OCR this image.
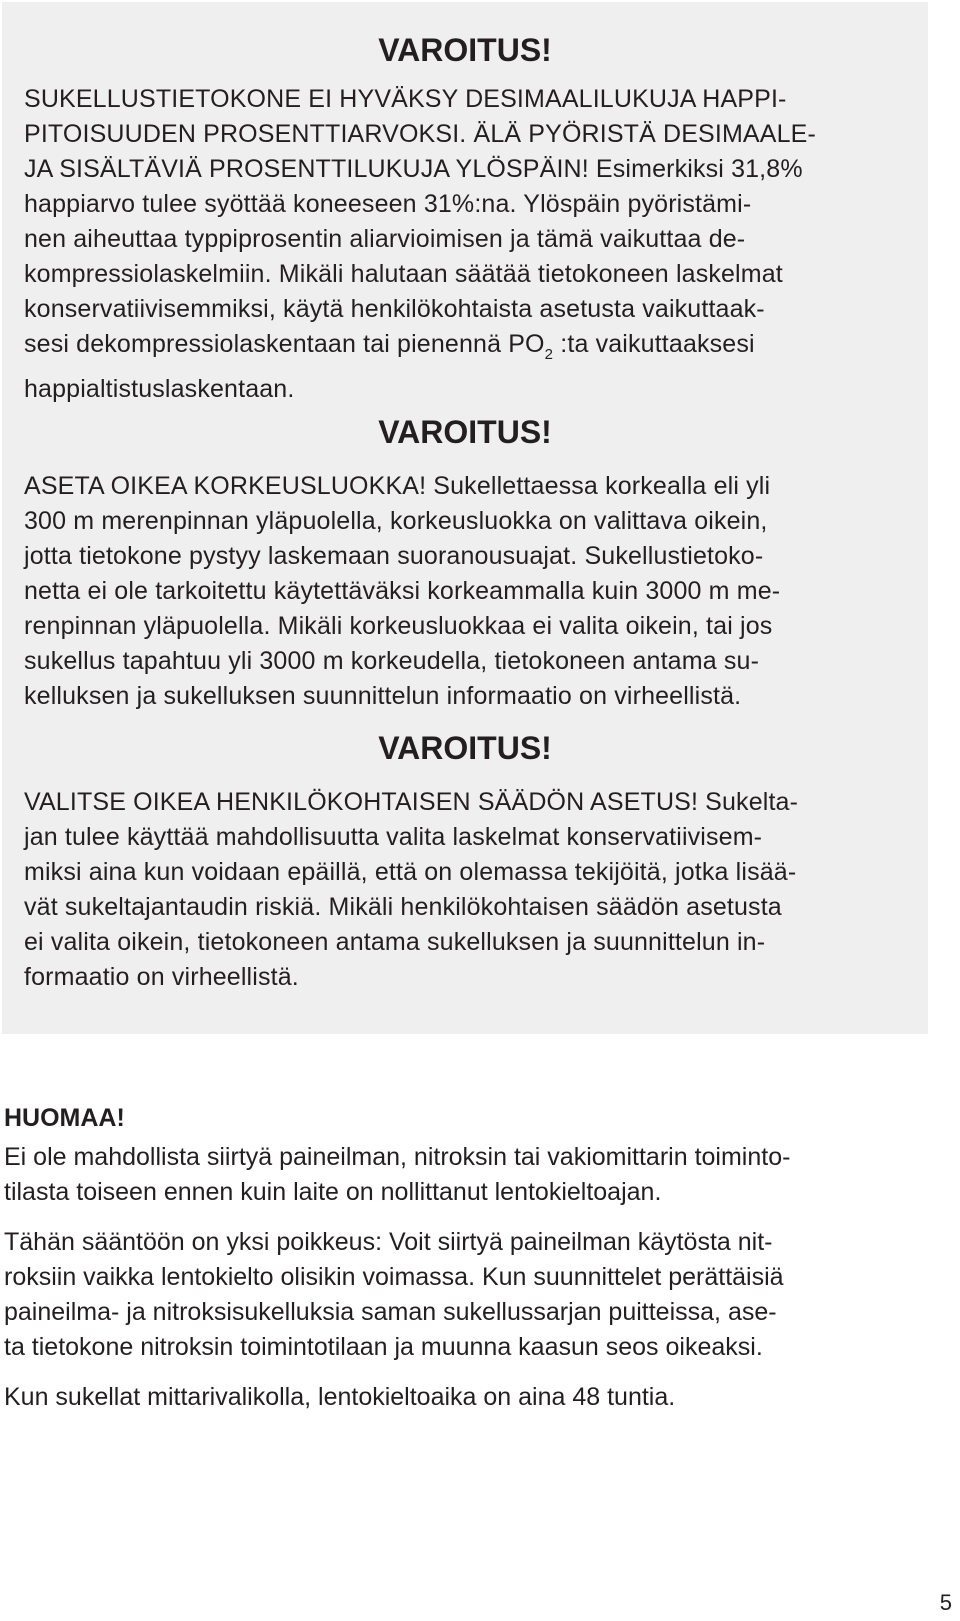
VAROITUS!
SUKELLUSTIETOKONE EI HYVÄKSY DESIMAALILUKUJA HAPPI-
PITOISUUDEN PROSENTTIARVOKSI. ÄLÄ PYÖRISTÄ DESIMAALE-
JA SISÄLTÄVIÄ PROSENTTILUKUJA YLÖSPÄIN! Esimerkiksi 31,8%
happiarvo tulee syöttää koneeseen 31%:na. Ylöspäin pyöristämi-
nen aiheuttaa typpiprosentin aliarvioimisen ja tämä vaikuttaa de-
kompressiolaskelmiin. Mikäli halutaan säätää tietokoneen laskelmat
konservatiivisemmiksi, käytä henkilökohtaista asetusta vaikuttaak-
sesi dekompressiolaskentaan tai pienennä $PO_2$ :ta vaikuttaaksesi
happialtistuslaskentaan.
VAROITUS!
ASETA OIKEA KORKEUSLUOKKA! Sukellettaessa korkealla eli yli
300 m merenpinnan yläpuolella, korkeusluokka on valittava oikein,
jotta tietokone pystyy laskemaan suoranousuajat. Sukellustietoko-
netta ei ole tarkoitettu käytettäväksi korkeammalla kuin 3000 m me-
renpinnan yläpuolella. Mikäli korkeusluokkaa ei valita oikein, tai jos
sukellus tapahtuu yli 3000 m korkeudella, tietokoneen antama su-
kelluksen ja sukelluksen suunnittelun informaatio on virheellistä.
VAROITUS!
VALITSE OIKEA HENKILÖKOHTAISEN SÄÄDÖN ASETUS! Sukelta-
jan tulee käyttää mahdollisuutta valita laskelmat konservatiivisem-
miksi aina kun voidaan epäillä, että on olemassa tekijöitä, jotka lisää-
vät sukeltajantaudin riskiä. Mikäli henkilökohtaisen säädön asetusta
ei valita oikein, tietokoneen antama sukelluksen ja suunnittelun in-
formaatio on virheellistä.
HUOMAA!
Ei ole mahdollista siirtyä paineilman, nitroksin tai vakiomittarin toiminto-
tilasta toiseen ennen kuin laite on nollittanut lentokieltoajan.
Tähän sääntöön on yksi poikkeus: Voit siirtyä paineilman käytösta nit-
roksiin vaikka lentokielto olisikin voimassa. Kun suunnittelet perättäisiä
paineilma- ja nitroksisukelluksia saman sukellussarjan puitteissa, ase-
ta tietokone nitroksin toimintotilaan ja muunna kaasun seos oikeaksi.
Kun sukellat mittarivalikolla, lentokieltoaika on aina 48 tuntia.
5
